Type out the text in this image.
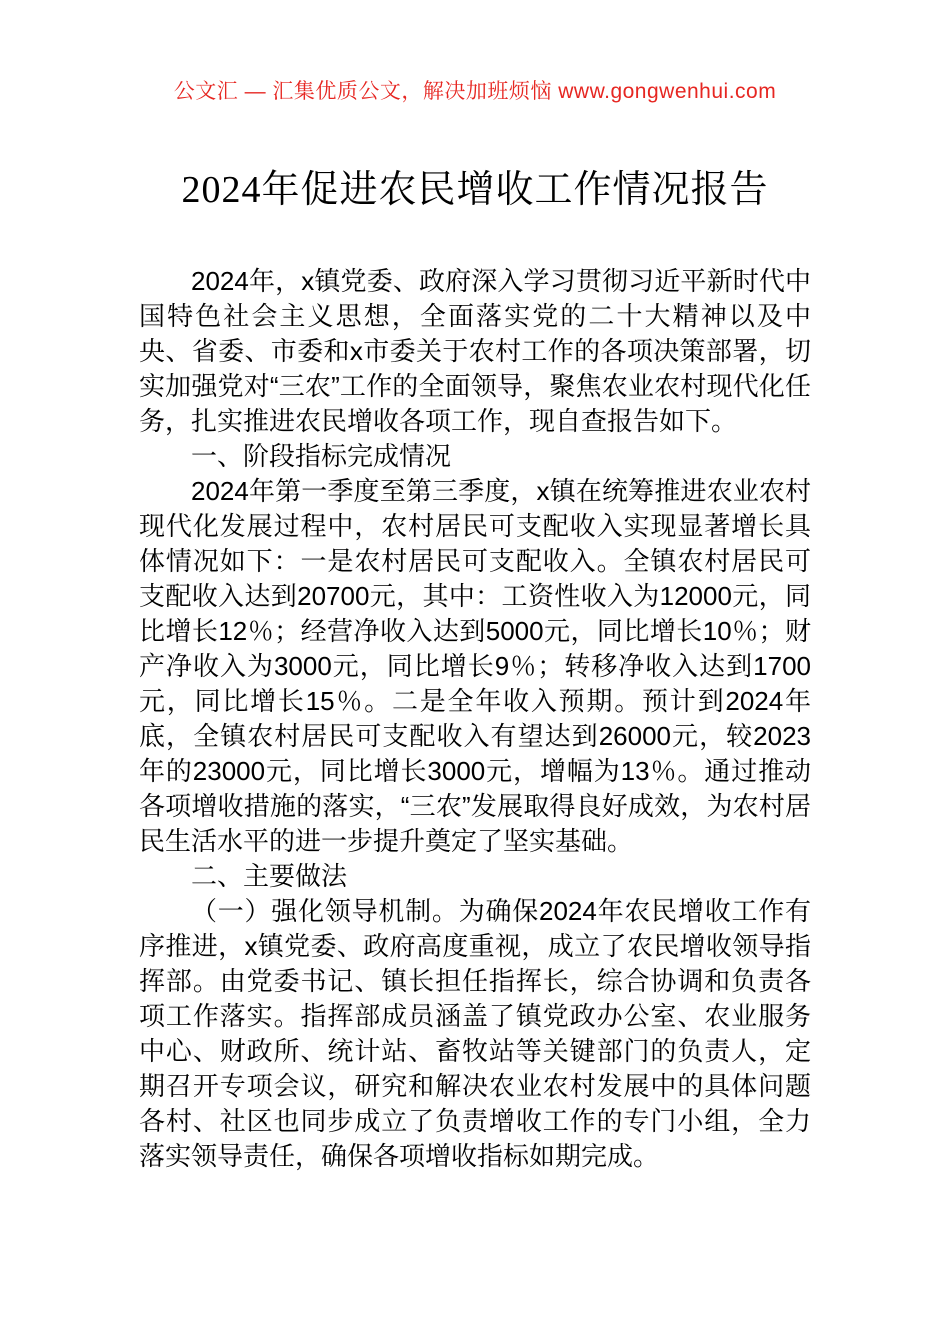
公文汇 — 汇集优质公文，解决加班烦恼 www.gongwenhui.com
2024年促进农民增收工作情况报告

2024年，x镇党委、政府深入学习贯彻习近平新时代中国特色社会主义思想，全面落实党的二十大精神以及中央、省委、市委和x市委关于农村工作的各项决策部署，切实加强党对“三农”工作的全面领导，聚焦农业农村现代化任务，扎实推进农民增收各项工作，现自查报告如下。

一、阶段指标完成情况

2024年第一季度至第三季度，x镇在统筹推进农业农村现代化发展过程中，农村居民可支配收入实现显著增长具体情况如下：一是农村居民可支配收入。全镇农村居民可支配收入达到20700元，其中：工资性收入为12000元，同比增长12％；经营净收入达到5000元，同比增长10％；财产净收入为3000元，同比增长9％；转移净收入达到1700元，同比增长15％。二是全年收入预期。预计到2024年底，全镇农村居民可支配收入有望达到26000元，较2023年的23000元，同比增长3000元，增幅为13％。通过推动各项增收措施的落实，“三农”发展取得良好成效，为农村居民生活水平的进一步提升奠定了坚实基础。

二、主要做法

（一）强化领导机制。为确保2024年农民增收工作有序推进，x镇党委、政府高度重视，成立了农民增收领导指挥部。由党委书记、镇长担任指挥长，综合协调和负责各项工作落实。指挥部成员涵盖了镇党政办公室、农业服务中心、财政所、统计站、畜牧站等关键部门的负责人，定期召开专项会议，研究和解决农业农村发展中的具体问题各村、社区也同步成立了负责增收工作的专门小组，全力落实领导责任，确保各项增收指标如期完成。
